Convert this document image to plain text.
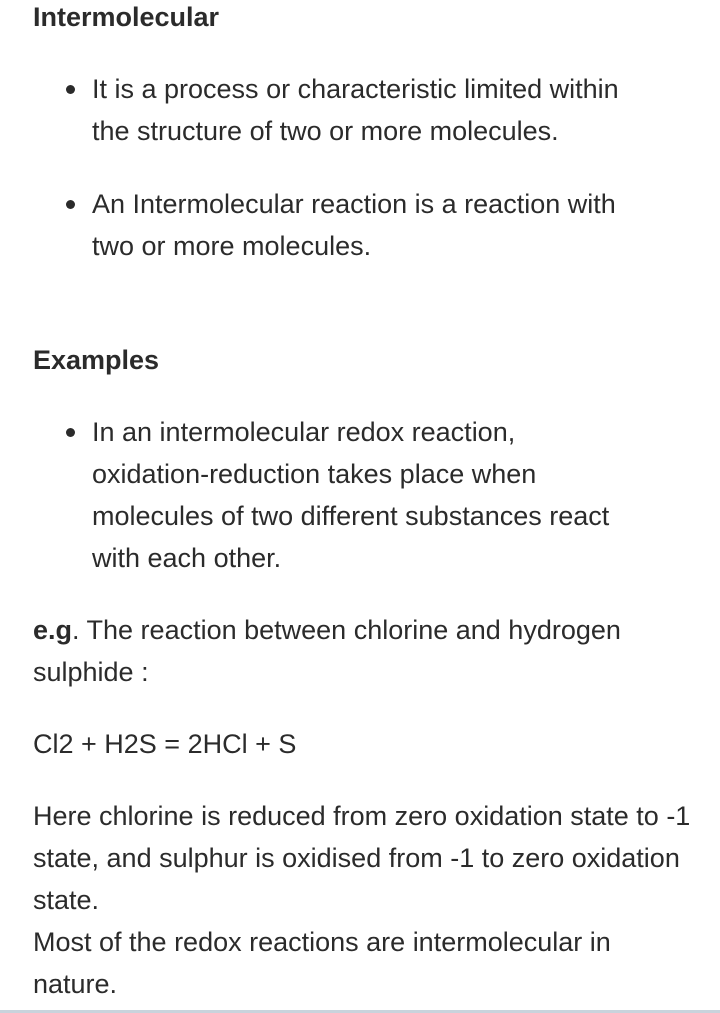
Intermolecular
It is a process or characteristic limited within the structure of two or more molecules.
An Intermolecular reaction is a reaction with two or more molecules.
Examples
In an intermolecular redox reaction, oxidation-reduction takes place when molecules of two different substances react with each other.

e.g. The reaction between chlorine and hydrogen sulphide :

Cl2 + H2S = 2HCl + S

Here chlorine is reduced from zero oxidation state to -1 state, and sulphur is oxidised from -1 to zero oxidation state.
Most of the redox reactions are intermolecular in nature.
